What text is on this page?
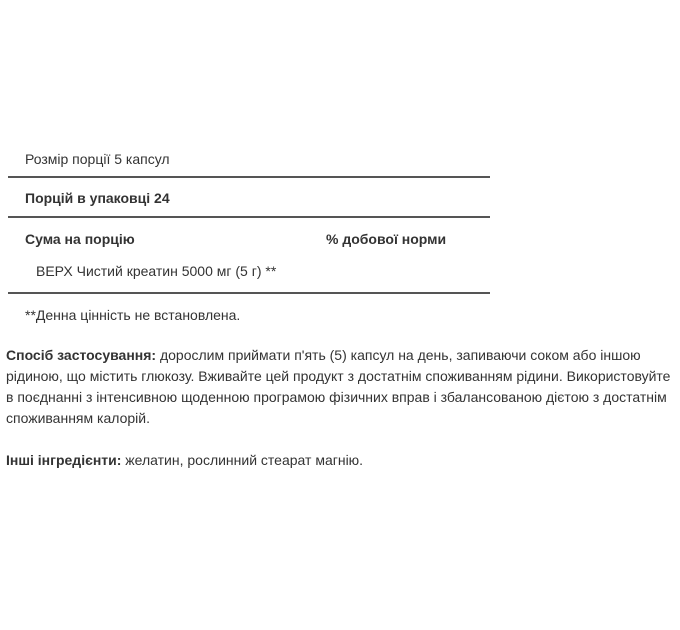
Розмір порції 5 капсул
Порцій в упаковці 24
Сума на порцію	% добової норми
ВЕРХ Чистий креатин 5000 мг (5 г) **
**Денна цінність не встановлена.

Спосіб застосування: дорослим приймати п'ять (5) капсул на день, запиваючи соком або іншою рідиною, що містить глюкозу. Вживайте цей продукт з достатнім споживанням рідини. Використовуйте в поєднанні з інтенсивною щоденною програмою фізичних вправ і збалансованою дієтою з достатнім споживанням калорій.

Інші інгредієнти: желатин, рослинний стеарат магнію.
